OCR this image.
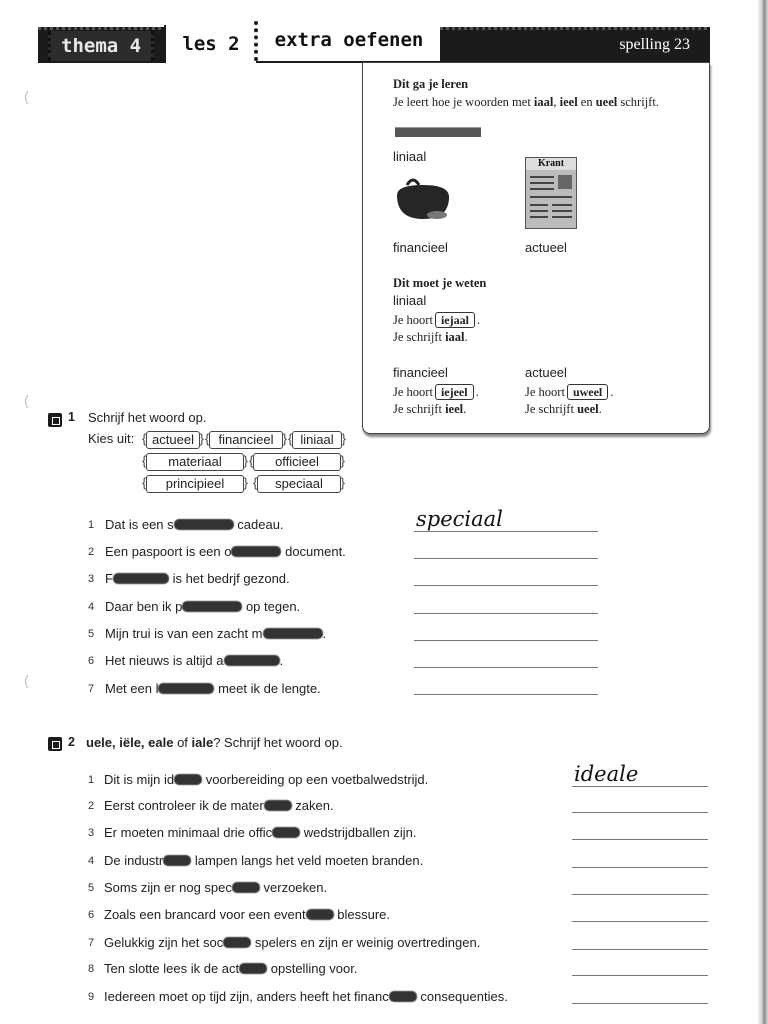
thema 4	les 2	extra oefenen	spelling 23
Dit ga je leren
Je leert hoe je woorden met iaal, ieel en ueel schrijft.
liniaal	Krant
financieel	actueel
Dit moet je weten
liniaal
Je hoort iejaal .
Je schrijft iaal.
financieel
Je hoort iejeel .
Je schrijft ieel.
actueel
Je hoort uweel .
Je schrijft ueel.
(
(
(
1 Schrijf het woord op.
Kies uit:	{ actueel }	{ financieel }	{ liniaal }
{ materiaal }	{ officieel }
{ principieel }	{ speciaal }
1 Dat is een s	cadeau.
2 Een paspoort is een o	document.
3 F	is het bedrjf gezond.
4 Daar ben ik p	op tegen.
5 Mijn trui is van een zacht m	.
6 Het nieuws is altijd a	.
7 Met een l	meet ik de lengte.
speciaal
2 uele, iële, eale of iale? Schrijf het woord op.
1 Dit is mijn id voorbereiding op een voetbalwedstrijd.
2 Eerst controleer ik de mater zaken.
3 Er moeten minimaal drie offic wedstrijdballen zijn.
4 De industr lampen langs het veld moeten branden.
5 Soms zijn er nog spec verzoeken.
6 Zoals een brancard voor een event blessure.
7 Gelukkig zijn het soc spelers en zijn er weinig overtredingen.
8 Ten slotte lees ik de act opstelling voor.
9 Iedereen moet op tijd zijn, anders heeft het financ consequenties.
ideale
